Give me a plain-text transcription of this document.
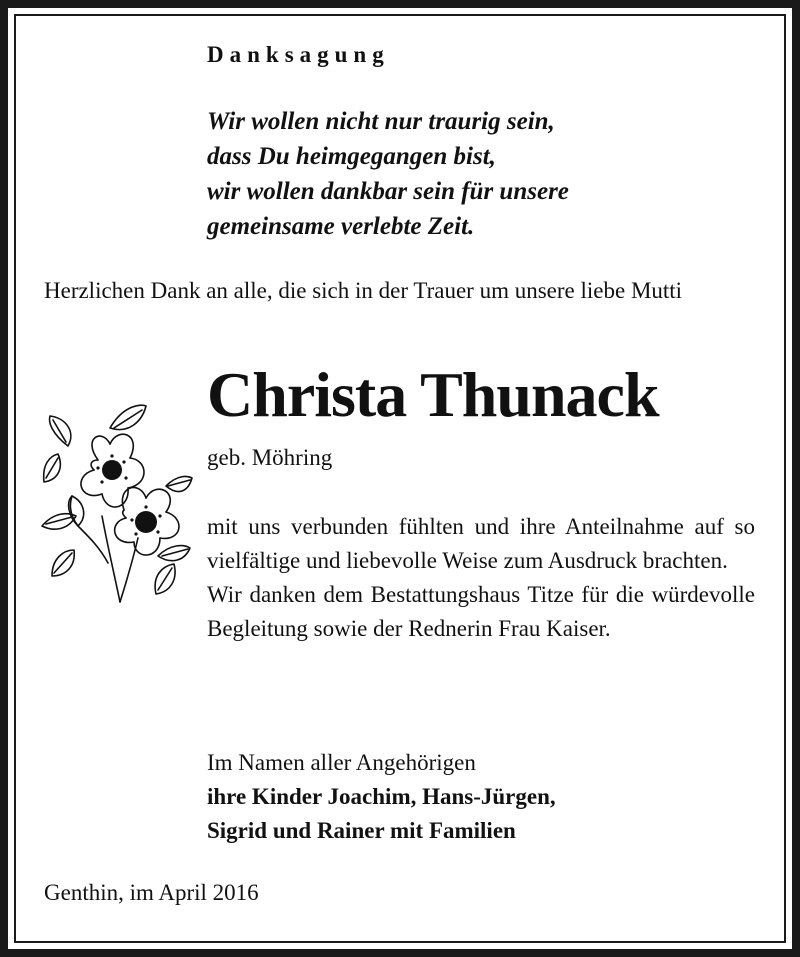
Danksagung
Wir wollen nicht nur traurig sein,
dass Du heimgegangen bist,
wir wollen dankbar sein für unsere
gemeinsame verlebte Zeit.
Herzlichen Dank an alle, die sich in der Trauer um unsere liebe Mutti
Christa Thunack
geb. Möhring

mit uns verbunden fühlten und ihre Anteilnahme auf so vielfältige und liebevolle Weise zum Ausdruck brachten.

Wir danken dem Bestattungshaus Titze für die würdevolle Begleitung sowie der Rednerin Frau Kaiser.

Im Namen aller Angehörigen
ihre Kinder Joachim, Hans-Jürgen,
Sigrid und Rainer mit Familien
Genthin, im April 2016
